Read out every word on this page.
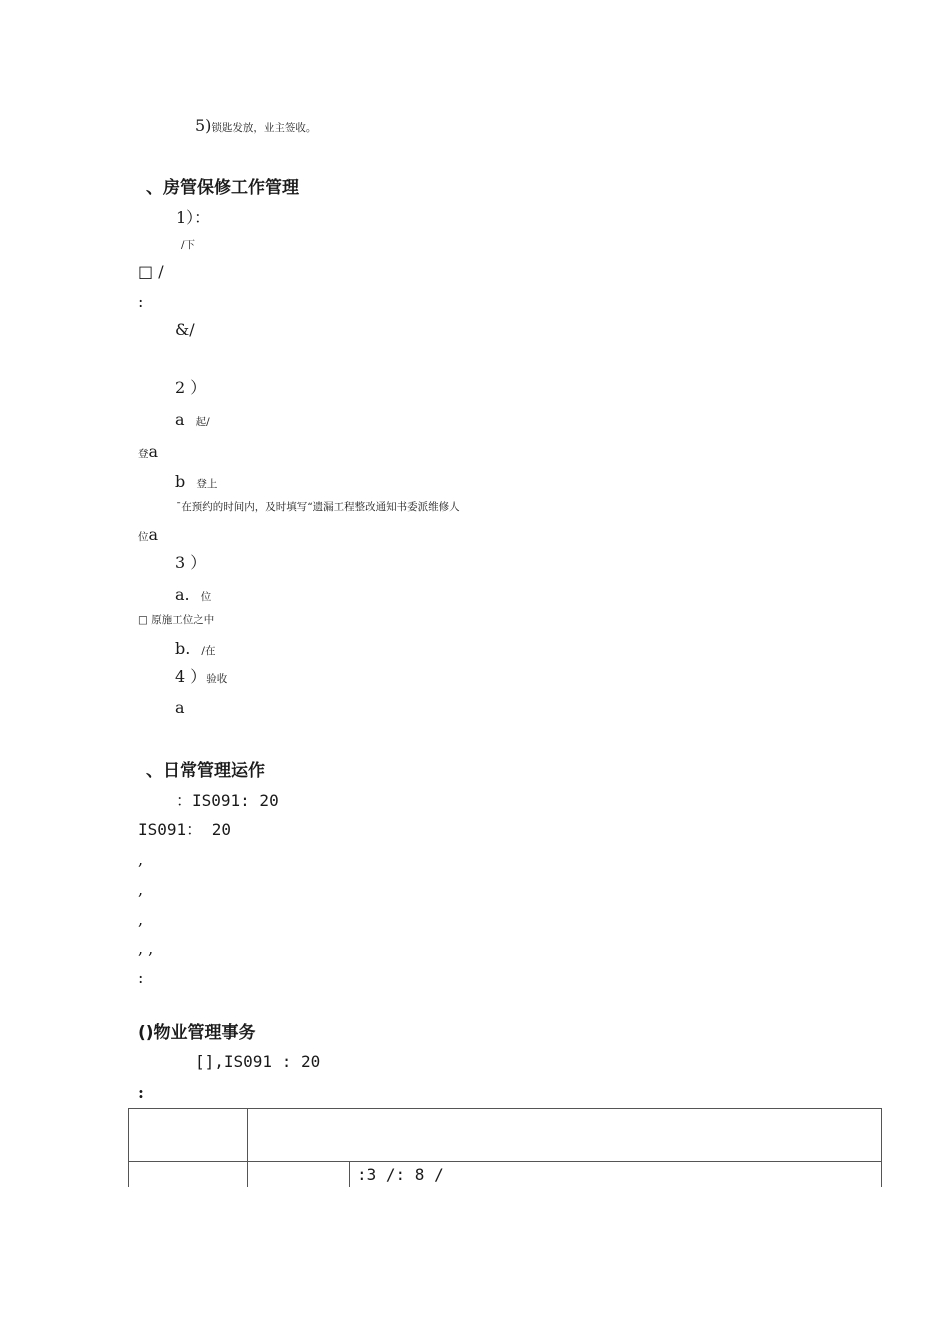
5)锁匙发放，业主签收。
、房管保修工作管理
1）：
/下
□ /
:
&/
2 ）
a 起/
登a
b 登上
ˉ在预约的时间内，及时填写“遗漏工程整改通知书委派维修人
位a
3 ）
a. 位
□ 原施工位之中
b. /在
4 ）验收
a
、日常管理运作
：IS091: 20
IS091： 20
,
,
,
, ,
:
()物业管理事务
[],IS091 : 20
:
:3 /: 8 /
